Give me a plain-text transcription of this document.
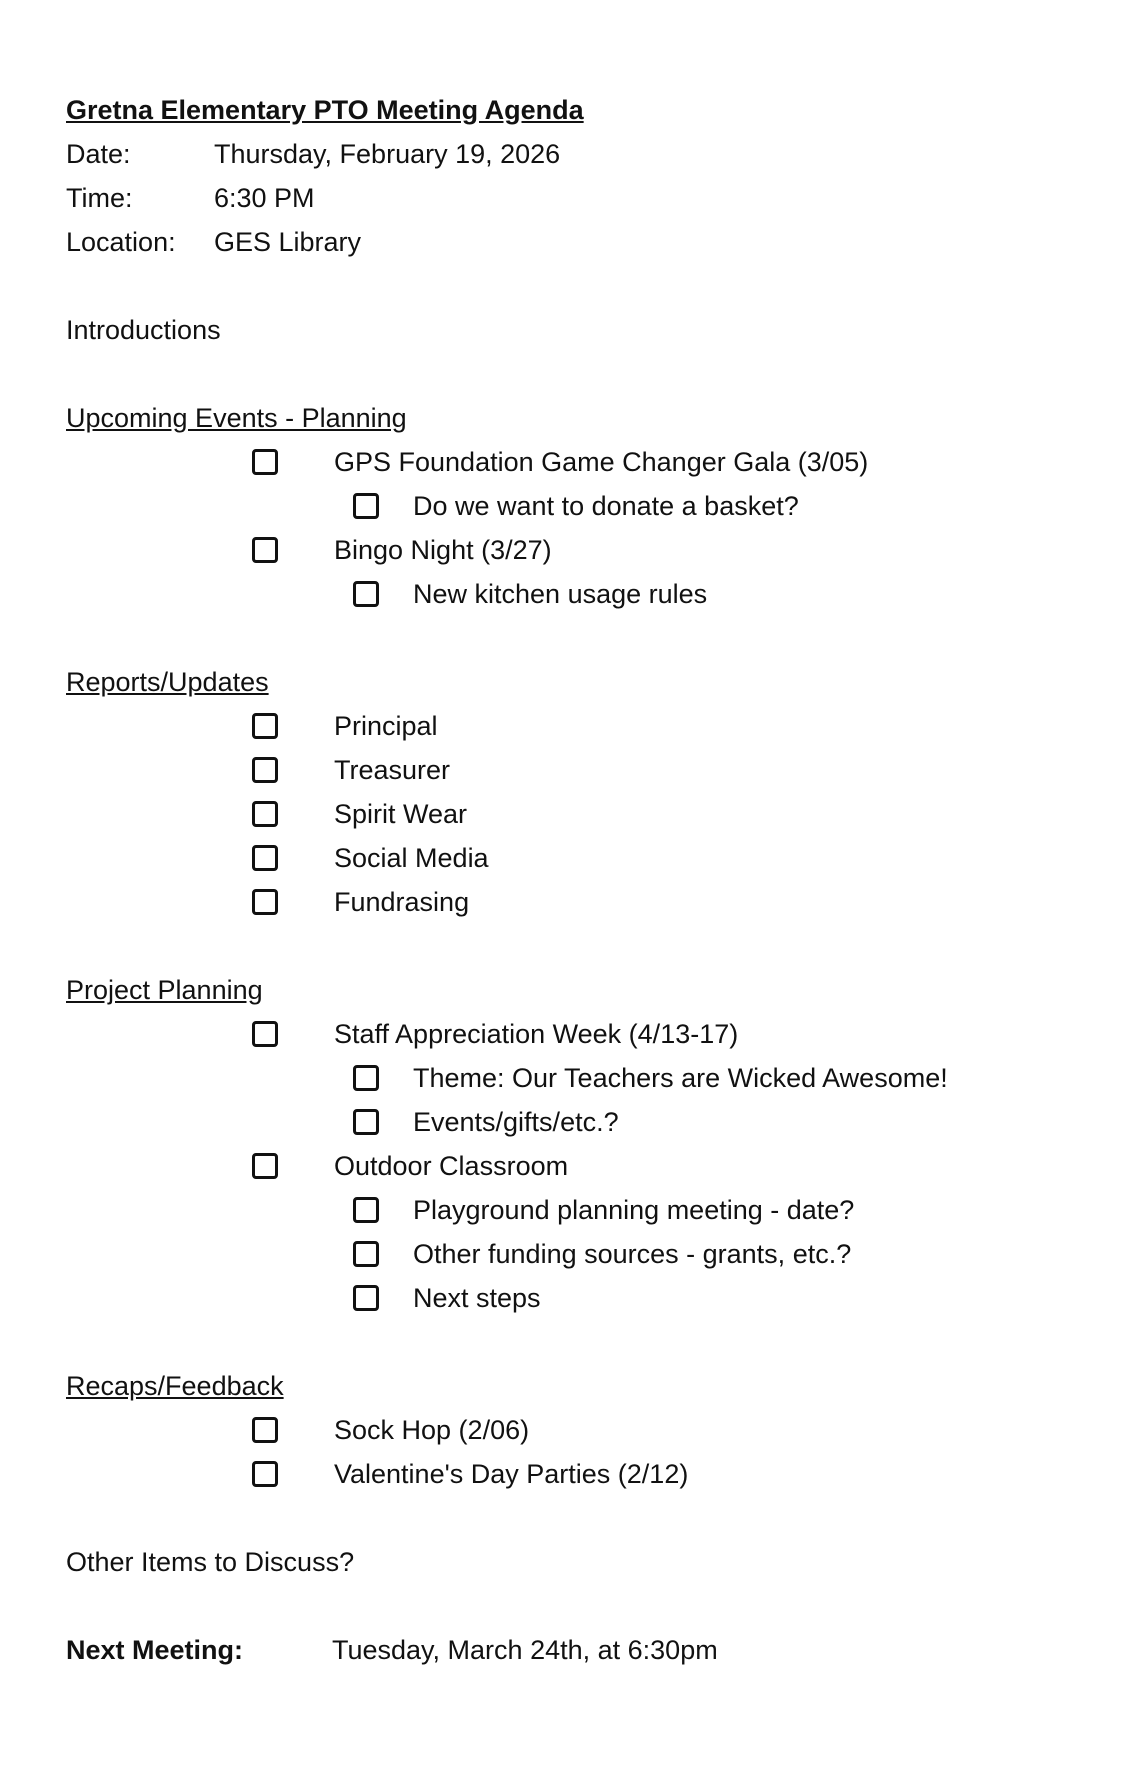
Gretna Elementary PTO Meeting Agenda
Date:	Thursday, February 19, 2026
Time:	6:30 PM
Location: GES Library
Introductions
Upcoming Events - Planning
GPS Foundation Game Changer Gala (3/05)
Do we want to donate a basket?
Bingo Night (3/27)
New kitchen usage rules
Reports/Updates
Principal
Treasurer
Spirit Wear
Social Media
Fundrasing
Project Planning
Staff Appreciation Week (4/13-17)
Theme: Our Teachers are Wicked Awesome!
Events/gifts/etc.?
Outdoor Classroom
Playground planning meeting - date?
Other funding sources - grants, etc.?
Next steps
Recaps/Feedback
Sock Hop (2/06)
Valentine's Day Parties (2/12)
Other Items to Discuss?
Next Meeting:	Tuesday, March 24th, at 6:30pm
